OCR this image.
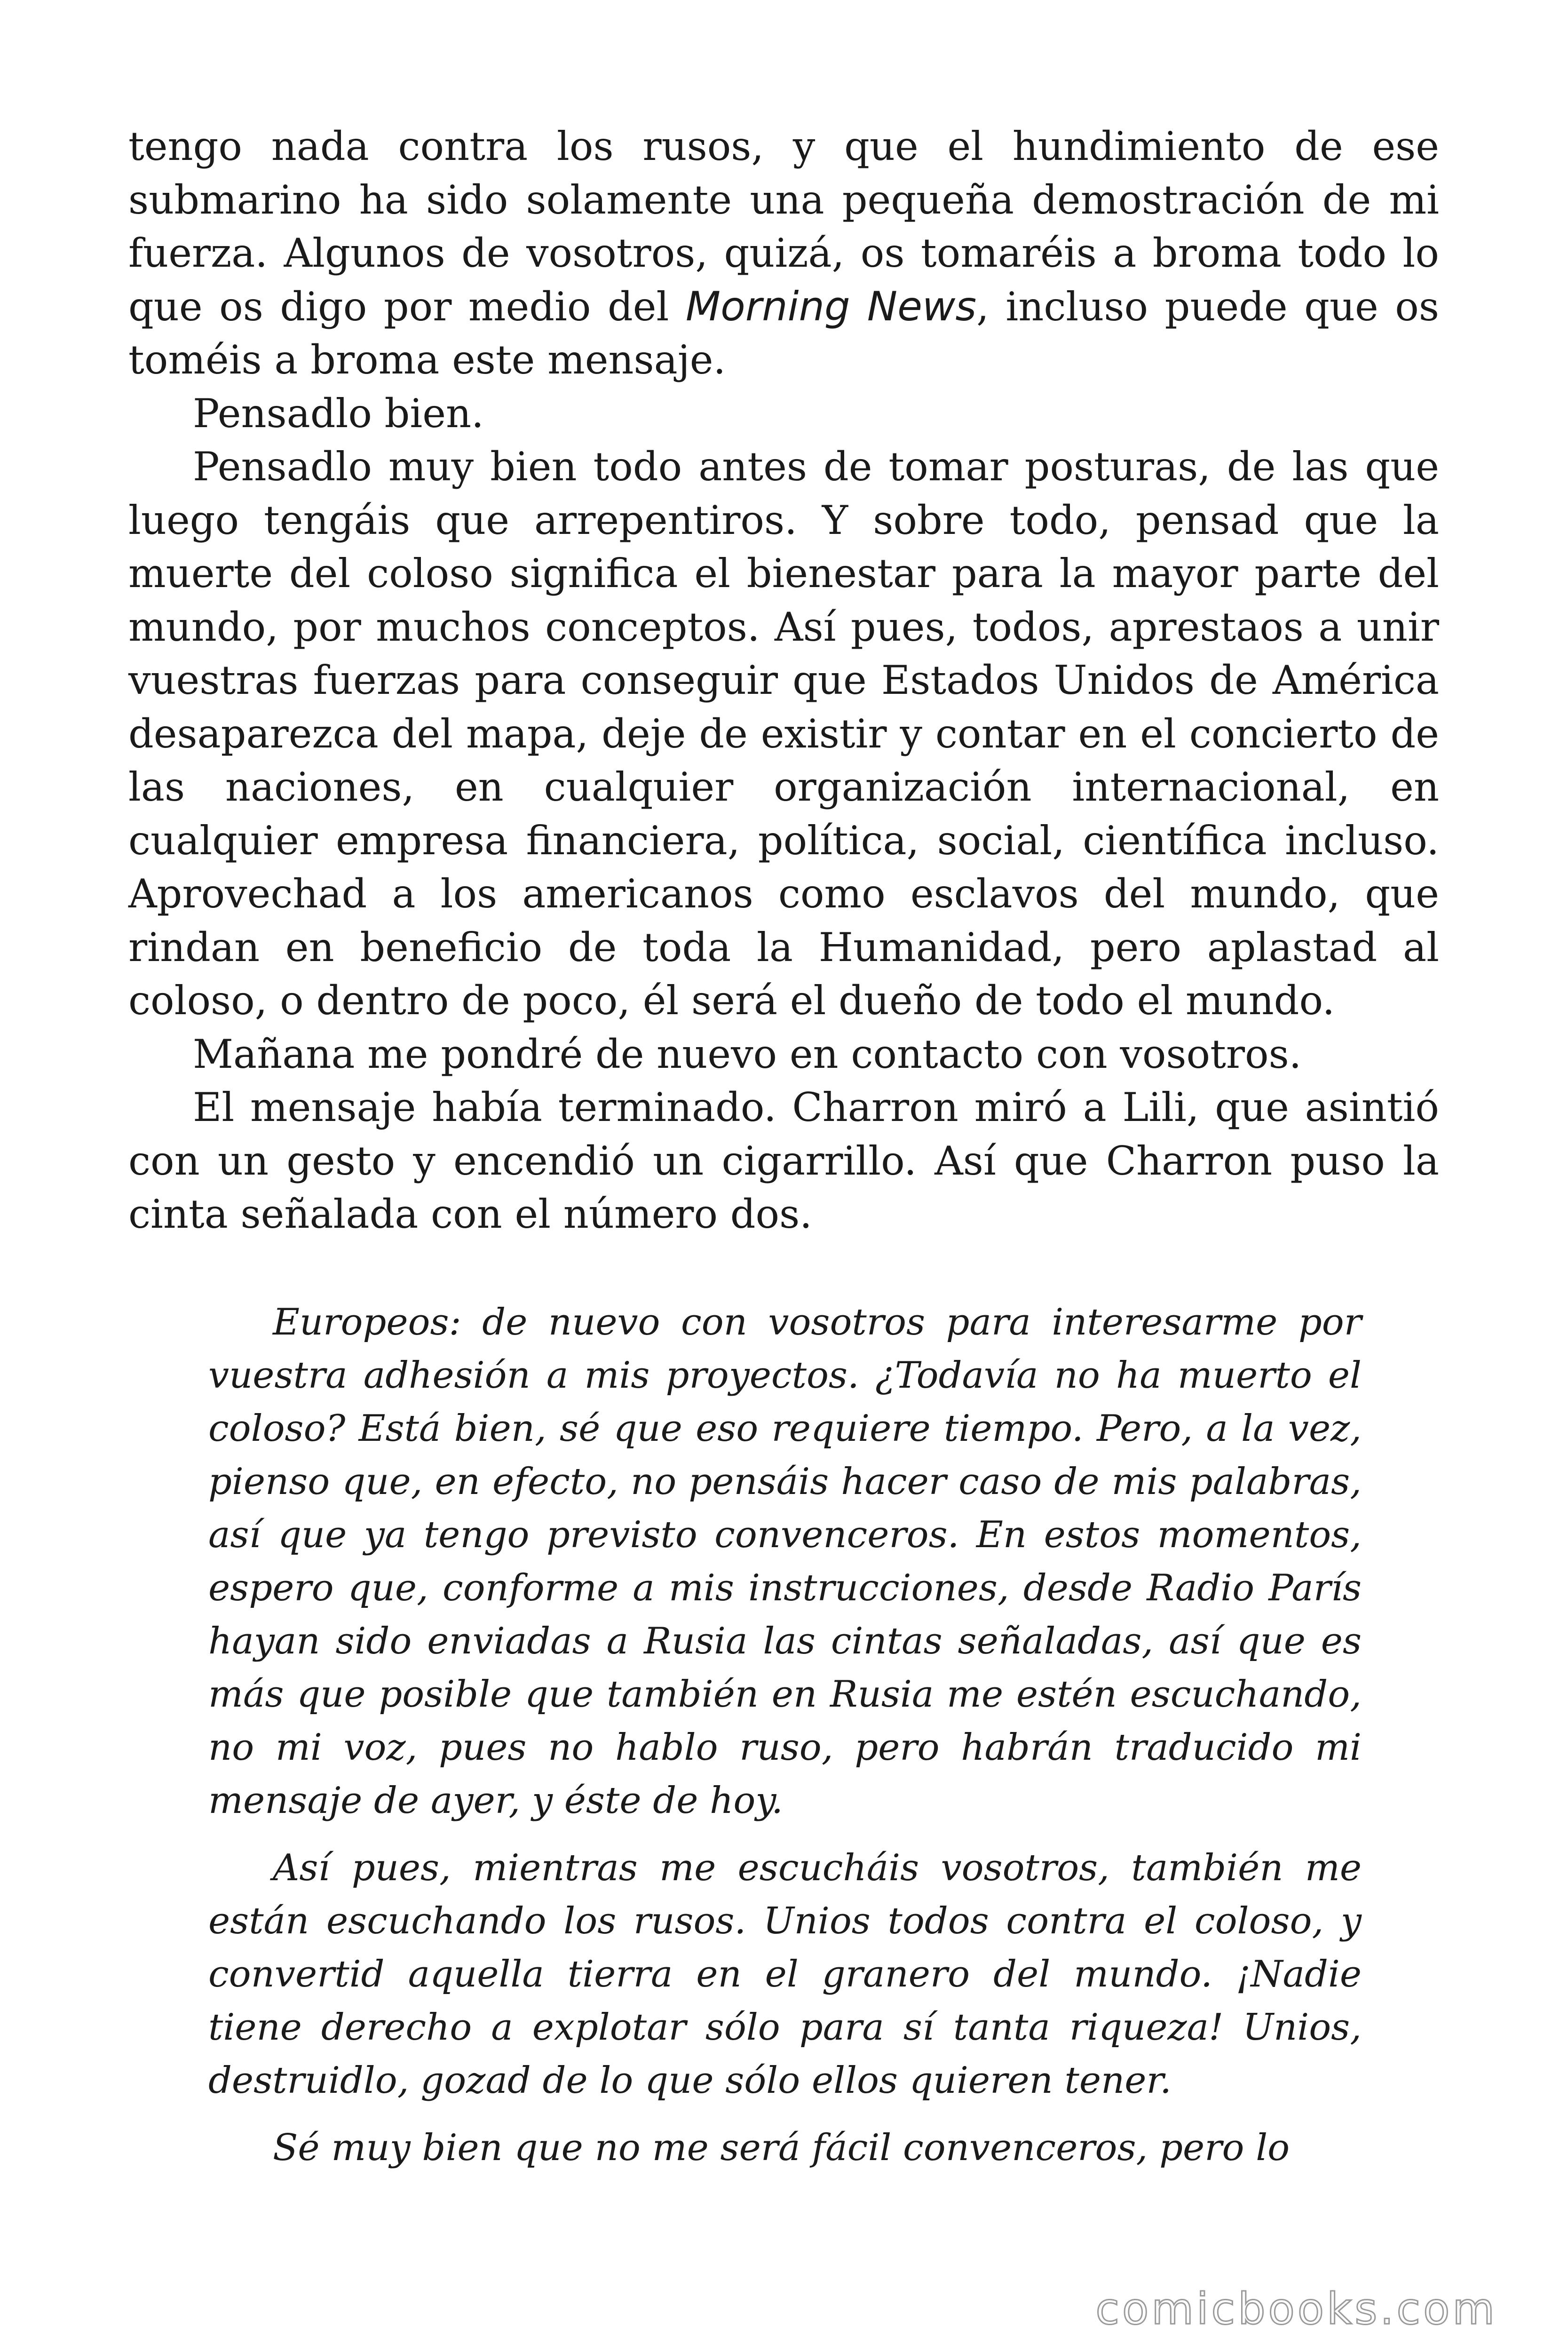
tengo nada contra los rusos, y que el hundimiento de ese submarino ha sido solamente una pequeña demostración de mi fuerza. Algunos de vosotros, quizá, os tomaréis a broma todo lo que os digo por medio del Morning News, incluso puede que os toméis a broma este mensaje.

Pensadlo bien.

Pensadlo muy bien todo antes de tomar posturas, de las que luego tengáis que arrepentiros. Y sobre todo, pensad que la muerte del coloso significa el bienestar para la mayor parte del mundo, por muchos conceptos. Así pues, todos, aprestaos a unir vuestras fuerzas para conseguir que Estados Unidos de América desaparezca del mapa, deje de existir y contar en el concierto de las naciones, en cualquier organización internacional, en cualquier empresa financiera, política, social, científica incluso. Aprovechad a los americanos como esclavos del mundo, que rindan en beneficio de toda la Humanidad, pero aplastad al coloso, o dentro de poco, él será el dueño de todo el mundo.

Mañana me pondré de nuevo en contacto con vosotros.

El mensaje había terminado. Charron miró a Lili, que asintió con un gesto y encendió un cigarrillo. Así que Charron puso la cinta señalada con el número dos.

Europeos: de nuevo con vosotros para interesarme por vuestra adhesión a mis proyectos. ¿Todavía no ha muerto el coloso? Está bien, sé que eso requiere tiempo. Pero, a la vez, pienso que, en efecto, no pensáis hacer caso de mis palabras, así que ya tengo previsto convenceros. En estos momentos, espero que, conforme a mis instrucciones, desde Radio París hayan sido enviadas a Rusia las cintas señaladas, así que es más que posible que también en Rusia me estén escuchando, no mi voz, pues no hablo ruso, pero habrán traducido mi mensaje de ayer, y éste de hoy.

Así pues, mientras me escucháis vosotros, también me están escuchando los rusos. Unios todos contra el coloso, y convertid aquella tierra en el granero del mundo. ¡Nadie tiene derecho a explotar sólo para sí tanta riqueza! Unios, destruidlo, gozad de lo que sólo ellos quieren tener.

Sé muy bien que no me será fácil convenceros, pero lo

comicbooks.com
